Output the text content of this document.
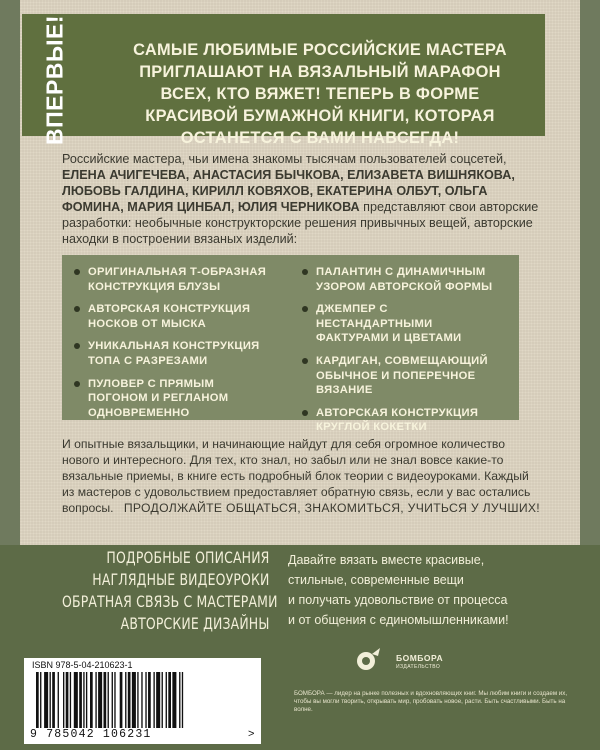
ВПЕРВЫЕ!	САМЫЕ ЛЮБИМЫЕ РОССИЙСКИЕ МАСТЕРА
ПРИГЛАШАЮТ НА ВЯЗАЛЬНЫЙ МАРАФОН
ВСЕХ, КТО ВЯЖЕТ! ТЕПЕРЬ В ФОРМЕ
КРАСИВОЙ БУМАЖНОЙ КНИГИ, КОТОРАЯ
ОСТАНЕТСЯ С ВАМИ НАВСЕГДА!
Российские мастера, чьи имена знакомы тысячам пользователей соцсетей, ЕЛЕНА АЧИГЕЧЕВА, АНАСТАСИЯ БЫЧКОВА, ЕЛИЗАВЕТА ВИШНЯКОВА, ЛЮБОВЬ ГАЛДИНА, КИРИЛЛ КОВЯХОВ, ЕКАТЕРИНА ОЛБУТ, ОЛЬГА ФОМИНА, МАРИЯ ЦИНБАЛ, ЮЛИЯ ЧЕРНИКОВА представляют свои авторские разработки: необычные конструкторские решения привычных вещей, авторские находки в построении вязаных изделий:
ОРИГИНАЛЬНАЯ Т-ОБРАЗНАЯ КОНСТРУКЦИЯ БЛУЗЫ
АВТОРСКАЯ КОНСТРУКЦИЯ НОСКОВ ОТ МЫСКА
УНИКАЛЬНАЯ КОНСТРУКЦИЯ ТОПА С РАЗРЕЗАМИ
ПУЛОВЕР С ПРЯМЫМ ПОГОНОМ И РЕГЛАНОМ ОДНОВРЕМЕННО
ПАЛАНТИН С ДИНАМИЧНЫМ УЗОРОМ АВТОРСКОЙ ФОРМЫ
ДЖЕМПЕР С НЕСТАНДАРТНЫМИ ФАКТУРАМИ И ЦВЕТАМИ
КАРДИГАН, СОВМЕЩАЮЩИЙ ОБЫЧНОЕ И ПОПЕРЕЧНОЕ ВЯЗАНИЕ
АВТОРСКАЯ КОНСТРУКЦИЯ КРУГЛОЙ КОКЕТКИ
И опытные вязальщики, и начинающие найдут для себя огромное количество нового и интересного. Для тех, кто знал, но забыл или не знал вовсе какие-то вязальные приемы, в книге есть подробный блок теории с видеоуроками. Каждый из мастеров с удовольствием предоставляет обратную связь, если у вас остались вопросы. ПРОДОЛЖАЙТЕ ОБЩАТЬСЯ, ЗНАКОМИТЬСЯ, УЧИТЬСЯ У ЛУЧШИХ!
ПОДРОБНЫЕ ОПИСАНИЯ
НАГЛЯДНЫЕ ВИДЕОУРОКИ
ОБРАТНАЯ СВЯЗЬ С МАСТЕРАМИ
АВТОРСКИЕ ДИЗАЙНЫ
Давайте вязать вместе красивые,
стильные, современные вещи
и получать удовольствие от процесса
и от общения с единомышленниками!
ISBN 978-5-04-210623-1
9 785042 106231	>
БОМБОРА
ИЗДАТЕЛЬСТВО
БОМБОРА — лидер на рынке полезных и вдохновляющих книг. Мы любим книги и создаем их, чтобы вы могли творить, открывать мир, пробовать новое, расти. Быть счастливыми. Быть на волне.
